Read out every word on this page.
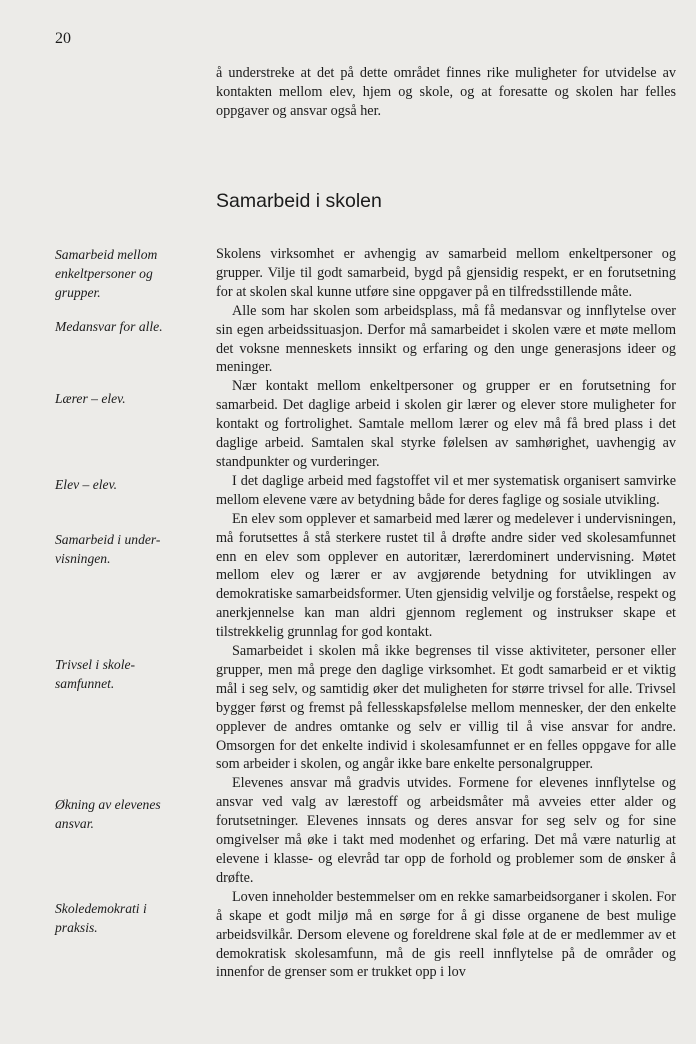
20

å understreke at det på dette området finnes rike muligheter for utvidelse av kontakten mellom elev, hjem og skole, og at foresatte og skolen har felles oppgaver og ansvar også her.

Samarbeid i skolen

Samarbeid mellom
enkeltpersoner og
grupper.

Medansvar for alle.

Lærer – elev.

Elev – elev.

Samarbeid i under-
visningen.

Trivsel i skole-
samfunnet.

Økning av elevenes
ansvar.

Skoledemokrati i
praksis.

Skolens virksomhet er avhengig av samarbeid mellom enkeltpersoner og grupper. Vilje til godt samarbeid, bygd på gjensidig respekt, er en forutsetning for at skolen skal kunne utføre sine oppgaver på en tilfredsstillende måte.

Alle som har skolen som arbeidsplass, må få medansvar og innflytelse over sin egen arbeidssituasjon. Derfor må samarbeidet i skolen være et møte mellom det voksne menneskets innsikt og erfaring og den unge generasjons ideer og meninger.

Nær kontakt mellom enkeltpersoner og grupper er en forutsetning for samarbeid. Det daglige arbeid i skolen gir lærer og elever store muligheter for kontakt og fortrolighet. Samtale mellom lærer og elev må få bred plass i det daglige arbeid. Samtalen skal styrke følelsen av samhørighet, uavhengig av standpunkter og vurderinger.

I det daglige arbeid med fagstoffet vil et mer systematisk organisert samvirke mellom elevene være av betydning både for deres faglige og sosiale utvikling.

En elev som opplever et samarbeid med lærer og medelever i undervisningen, må forutsettes å stå sterkere rustet til å drøfte andre sider ved skolesamfunnet enn en elev som opplever en autoritær, lærerdominert undervisning. Møtet mellom elev og lærer er av avgjørende betydning for utviklingen av demokratiske samarbeidsformer. Uten gjensidig velvilje og forståelse, respekt og anerkjennelse kan man aldri gjennom reglement og instrukser skape et tilstrekkelig grunnlag for god kontakt.

Samarbeidet i skolen må ikke begrenses til visse aktiviteter, personer eller grupper, men må prege den daglige virksomhet. Et godt samarbeid er et viktig mål i seg selv, og samtidig øker det muligheten for større trivsel for alle. Trivsel bygger først og fremst på fellesskapsfølelse mellom mennesker, der den enkelte opplever de andres omtanke og selv er villig til å vise ansvar for andre. Omsorgen for det enkelte individ i skolesamfunnet er en felles oppgave for alle som arbeider i skolen, og angår ikke bare enkelte personalgrupper.

Elevenes ansvar må gradvis utvides. Formene for elevenes innflytelse og ansvar ved valg av lærestoff og arbeidsmåter må avveies etter alder og forutsetninger. Elevenes innsats og deres ansvar for seg selv og for sine omgivelser må øke i takt med modenhet og erfaring. Det må være naturlig at elevene i klasse- og elevråd tar opp de forhold og problemer som de ønsker å drøfte.

Loven inneholder bestemmelser om en rekke samarbeidsorganer i skolen. For å skape et godt miljø må en sørge for å gi disse organene de best mulige arbeidsvilkår. Dersom elevene og foreldrene skal føle at de er medlemmer av et demokratisk skolesamfunn, må de gis reell innflytelse på de områder og innenfor de grenser som er trukket opp i lov
